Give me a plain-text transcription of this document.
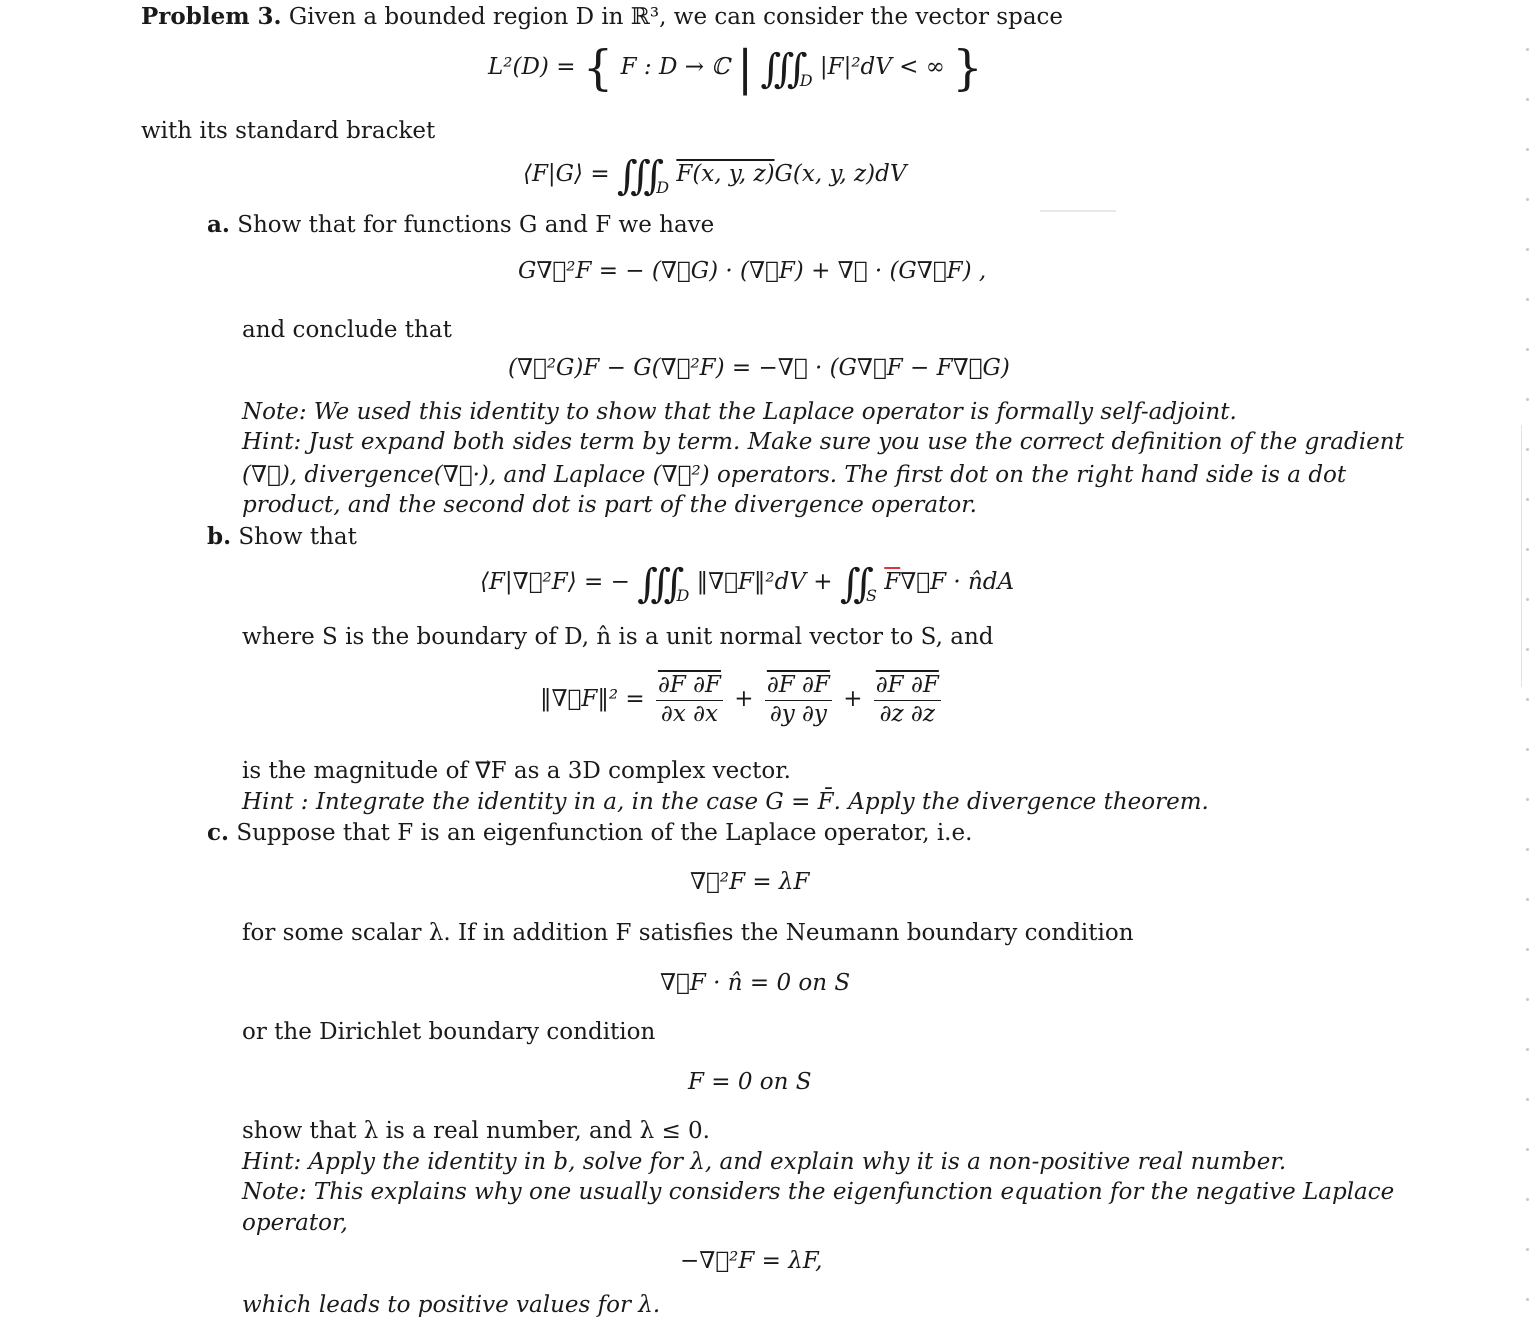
Problem 3. Given a bounded region D in ℝ³, we can consider the vector space
L²(D) = { F : D → ℂ | $∭_D$ |F|²dV < ∞ }
with its standard bracket
⟨F|G⟩ = $∭_D$ F(x, y, z)G(x, y, z)dV
a. Show that for functions G and F we have
G∇⃗²F = − (∇⃗G) · (∇⃗F) + ∇⃗ · (G∇⃗F) ,
and conclude that
(∇⃗²G)F − G(∇⃗²F) = −∇⃗ · (G∇⃗F − F∇⃗G)
Note: We used this identity to show that the Laplace operator is formally self-adjoint.
Hint: Just expand both sides term by term. Make sure you use the correct definition of the gradient
(∇⃗), divergence(∇⃗·), and Laplace (∇⃗²) operators. The first dot on the right hand side is a dot
product, and the second dot is part of the divergence operator.
b. Show that
⟨F|∇⃗²F⟩ = − $∭_D$ ‖∇⃗F‖²dV + $∬_S$ $\overline{F}\nabla⃗F$ · n̂dA
where S is the boundary of D, n̂ is a unit normal vector to S, and
‖∇⃗F‖² = $\frac{\partial F \partial F}{\partial x \partial x} + \frac{\partial F \partial F}{\partial y \partial y} + \frac{\partial F \partial F}{\partial z \partial z}$
is the magnitude of ∇⃗F as a 3D complex vector.
Hint : Integrate the identity in a, in the case G = F̄. Apply the divergence theorem.
c. Suppose that F is an eigenfunction of the Laplace operator, i.e.
∇⃗²F = λF
for some scalar λ. If in addition F satisfies the Neumann boundary condition
∇⃗F · n̂ = 0 on S
or the Dirichlet boundary condition
F = 0 on S
show that λ is a real number, and λ ≤ 0.
Hint: Apply the identity in b, solve for λ, and explain why it is a non-positive real number.
Note: This explains why one usually considers the eigenfunction equation for the negative Laplace
operator,
−∇⃗²F = λF,
which leads to positive values for λ.
